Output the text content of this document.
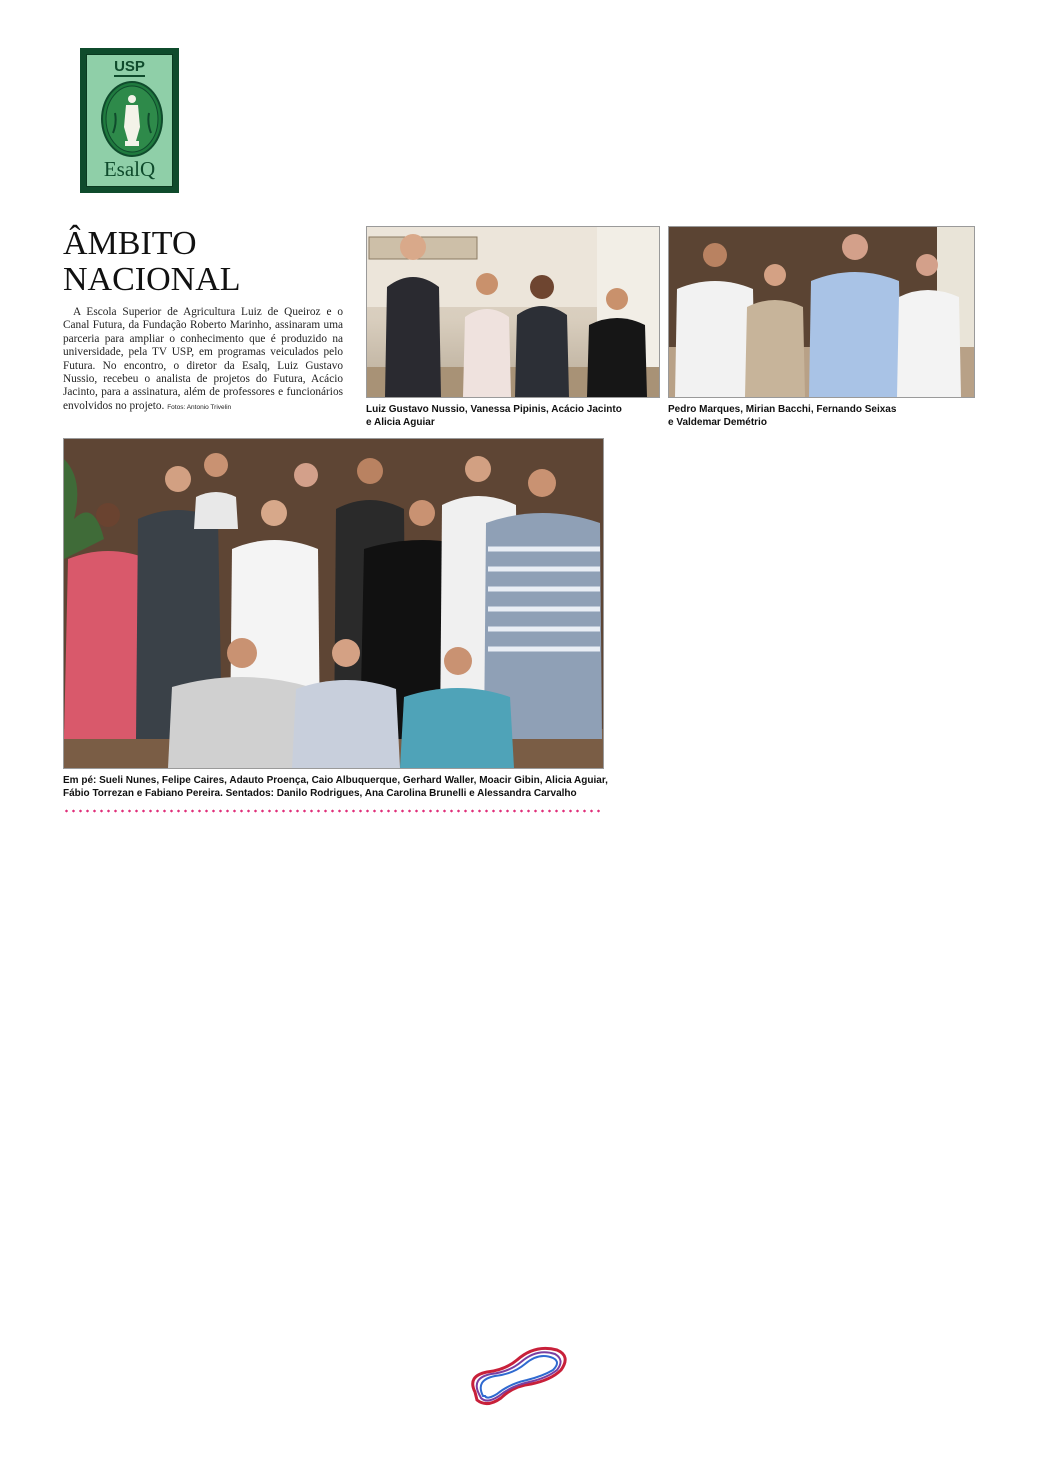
USP
EsalQ
ÂMBITO
NACIONAL

A Escola Superior de Agricultura Luiz de Queiroz e o Canal Futura, da Fundação Roberto Marinho, assinaram uma parceria para ampliar o conhecimento que é produzido na universidade, pela TV USP, em programas veiculados pelo Futura. No encontro, o diretor da Esalq, Luiz Gustavo Nussio, recebeu o analista de projetos do Futura, Acácio Jacinto, para a assinatura, além de professores e funcionários envolvidos no projeto. Fotos: Antonio Trivelin	Luiz Gustavo Nussio, Vanessa Pipinis, Acácio Jacinto
e Alicia Aguiar

Pedro Marques, Mirian Bacchi, Fernando Seixas
e Valdemar Demétrio

Em pé: Sueli Nunes, Felipe Caires, Adauto Proença, Caio Albuquerque, Gerhard Waller, Moacir Gibin, Alicia Aguiar,
Fábio Torrezan e Fabiano Pereira. Sentados: Danilo Rodrigues, Ana Carolina Brunelli e Alessandra Carvalho
